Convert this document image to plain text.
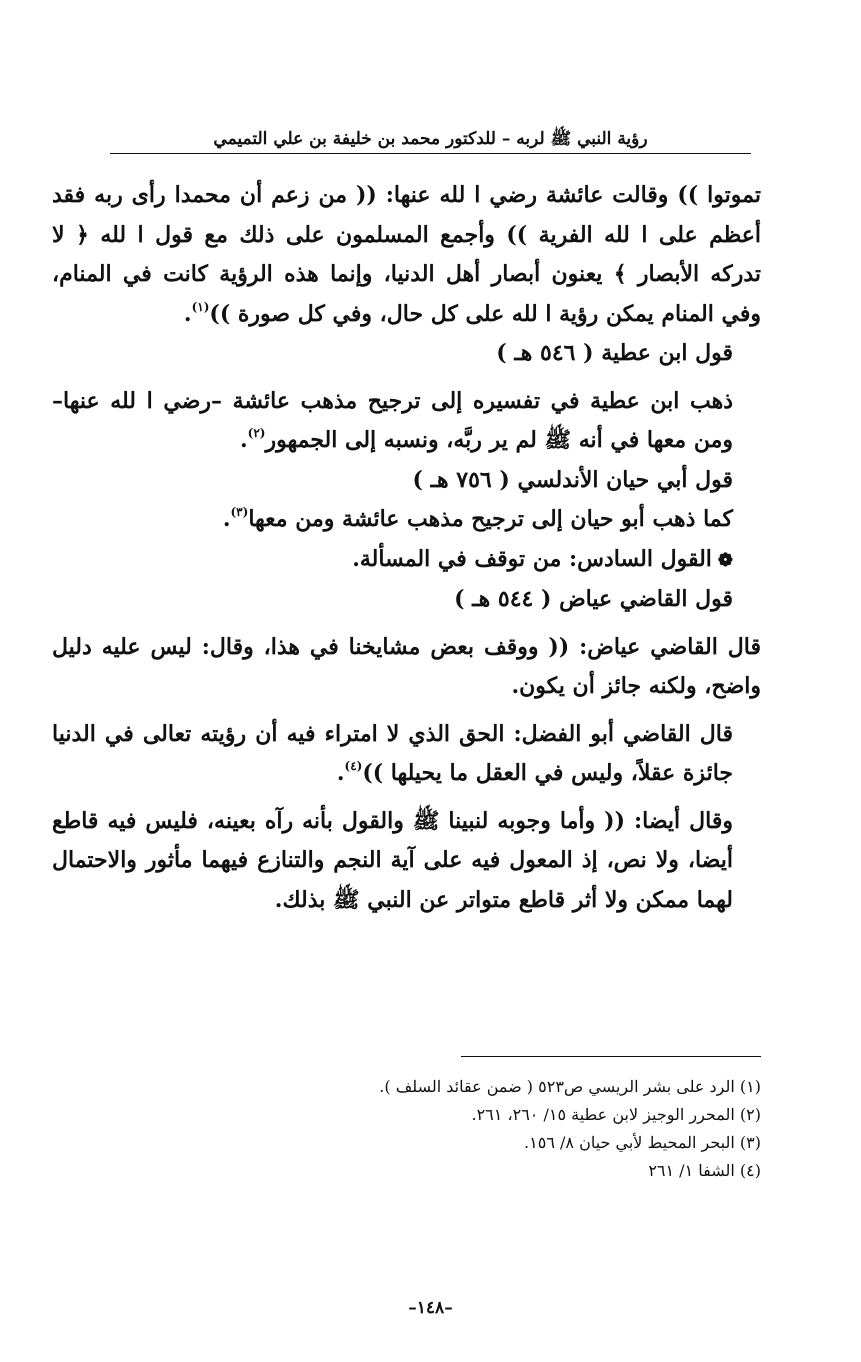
رؤية النبي ﷺ لربه – للدكتور محمد بن خليفة بن علي التميمي

تموتوا )) وقالت عائشة رضي ا لله عنها: (( من زعم أن محمدا رأى ربه فقد أعظم على ا لله الفرية )) وأجمع المسلمون على ذلك مع قول ا لله ﴿ لا تدركه الأبصار ﴾ يعنون أبصار أهل الدنيا، وإنما هذه الرؤية كانت في المنام، وفي المنام يمكن رؤية ا لله على كل حال، وفي كل صورة ))$^{(١)}$.

قول ابن عطية ( ٥٤٦ هـ )

ذهب ابن عطية في تفسيره إلى ترجيح مذهب عائشة –رضي ا لله عنها– ومن معها في أنه ﷺ لم ير ربَّه، ونسبه إلى الجمهور$^{(٢)}$.

قول أبي حيان الأندلسي ( ٧٥٦ هـ )

كما ذهب أبو حيان إلى ترجيح مذهب عائشة ومن معها$^{(٣)}$.

❁القول السادس: من توقف في المسألة.

قول القاضي عياض ( ٥٤٤ هـ )

قال القاضي عياض: (( ووقف بعض مشايخنا في هذا، وقال: ليس عليه دليل واضح، ولكنه جائز أن يكون.

قال القاضي أبو الفضل: الحق الذي لا امتراء فيه أن رؤيته تعالى في الدنيا جائزة عقلاً، وليس في العقل ما يحيلها ))$^{(٤)}$.

وقال أيضا: (( وأما وجوبه لنبينا ﷺ والقول بأنه رآه بعينه، فليس فيه قاطع أيضا، ولا نص، إذ المعول فيه على آية النجم والتنازع فيهما مأثور والاحتمال لهما ممكن ولا أثر قاطع متواتر عن النبي ﷺ بذلك.

(١) الرد على بشر الريسي ص٥٢٣ ( ضمن عقائد السلف ).
(٢) المحرر الوجيز لابن عطية ١٥/ ٢٦٠، ٢٦١.
(٣) البحر المحيط لأبي حيان ٨/ ١٥٦.
(٤) الشفا ١/ ٢٦١
–١٤٨–
